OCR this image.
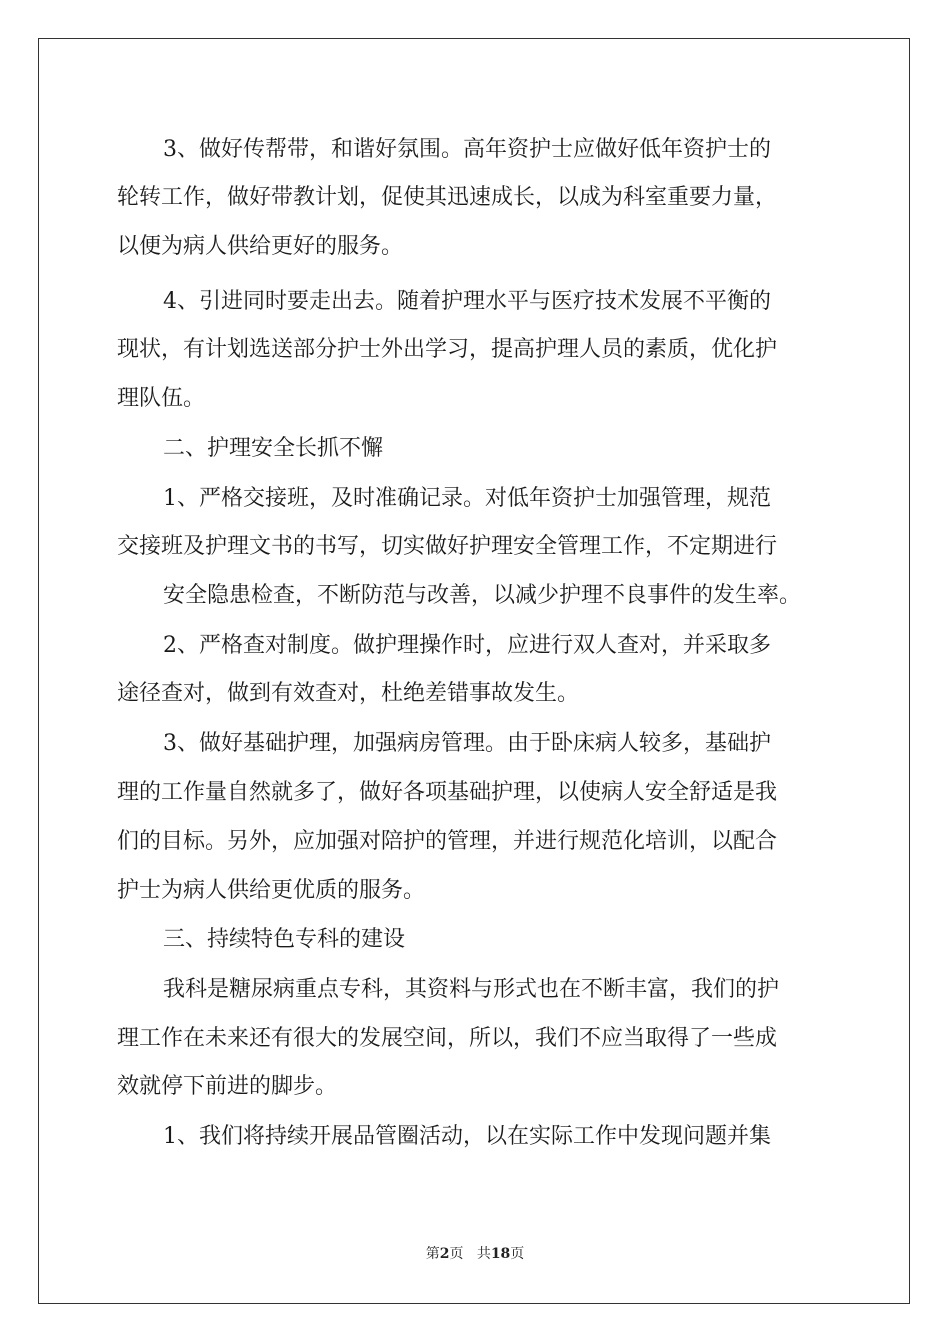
3、做好传帮带，和谐好氛围。高年资护士应做好低年资护士的
轮转工作，做好带教计划，促使其迅速成长，以成为科室重要力量，
以便为病人供给更好的服务。
4、引进同时要走出去。随着护理水平与医疗技术发展不平衡的
现状，有计划选送部分护士外出学习，提高护理人员的素质，优化护
理队伍。
二、护理安全长抓不懈
1、严格交接班，及时准确记录。对低年资护士加强管理，规范
交接班及护理文书的书写，切实做好护理安全管理工作，不定期进行
安全隐患检查，不断防范与改善，以减少护理不良事件的发生率。
2、严格查对制度。做护理操作时，应进行双人查对，并采取多
途径查对，做到有效查对，杜绝差错事故发生。
3、做好基础护理，加强病房管理。由于卧床病人较多，基础护
理的工作量自然就多了，做好各项基础护理，以使病人安全舒适是我
们的目标。另外，应加强对陪护的管理，并进行规范化培训，以配合
护士为病人供给更优质的服务。
三、持续特色专科的建设
我科是糖尿病重点专科，其资料与形式也在不断丰富，我们的护
理工作在未来还有很大的发展空间，所以，我们不应当取得了一些成
效就停下前进的脚步。
1、我们将持续开展品管圈活动，以在实际工作中发现问题并集
第2页 共18页
